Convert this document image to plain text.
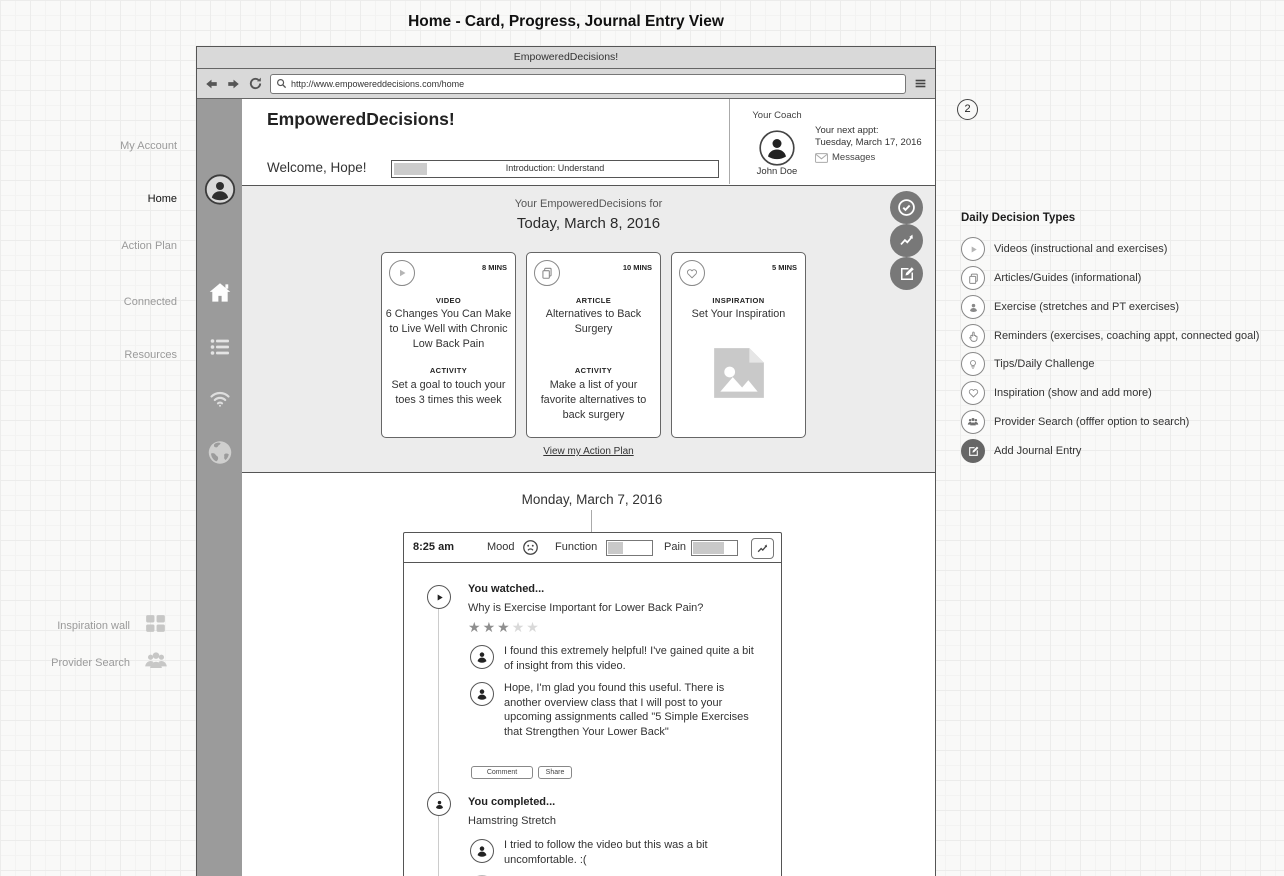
Home - Card, Progress, Journal Entry View
2
My Account
Home
Action Plan
Connected
Resources
Inspiration wall
Provider Search
EmpoweredDecisions!
http://www.empowereddecisions.com/home
EmpoweredDecisions!
Welcome, Hope!	Introduction: Understand
Your Coach
John Doe
Your next appt:
Tuesday, March 17, 2016
Messages
Your EmpoweredDecisions for
Today, March 8, 2016
8 MINS
VIDEO
6 Changes You Can Make to Live Well with Chronic Low Back Pain
ACTIVITY
Set a goal to touch your toes 3 times this week
10 MINS
ARTICLE
Alternatives to Back Surgery
ACTIVITY
Make a list of your favorite alternatives to back surgery
5 MINS
INSPIRATION
Set Your Inspiration
View my Action Plan
Monday, March 7, 2016
8:25 am	Mood	Function	Pain
You watched...
Why is Exercise Important for Lower Back Pain?
★★★★★
I found this extremely helpful! I've gained quite a bit of insight from this video.
Hope, I'm glad you found this useful. There is another overview class that I will post to your upcoming assignments called "5 Simple Exercises that Strengthen Your Lower Back"
Comment	Share
You completed...
Hamstring Stretch
I tried to follow the video but this was a bit uncomfortable. :(
Daily Decision Types
Videos (instructional and exercises)
Articles/Guides (informational)
Exercise (stretches and PT exercises)
Reminders (exercises, coaching appt, connected goal)
Tips/Daily Challenge
Inspiration (show and add more)
Provider Search (offfer option to search)
Add Journal Entry
